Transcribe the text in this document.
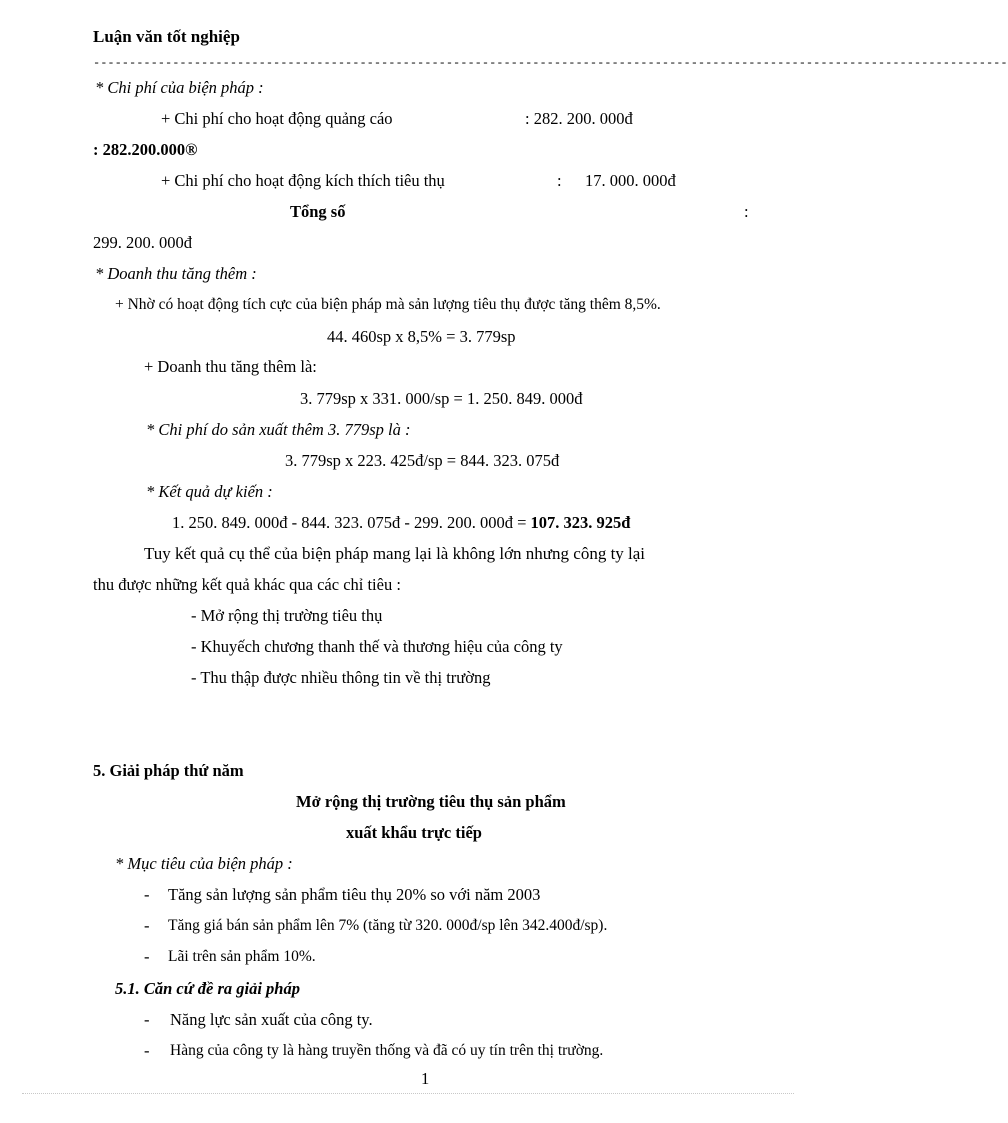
Luận văn tốt nghiệp
-------------------------------------------------------------------------------------------------------------------------------
* Chi phí của biện pháp :
+ Chi phí cho hoạt động quảng cáo	: 282. 200. 000đ
: 282.200.000®
+ Chi phí cho hoạt động kích thích tiêu thụ	: 17. 000. 000đ
Tổng số	:
299. 200. 000đ
* Doanh thu tăng thêm :
+ Nhờ có hoạt động tích cực của biện pháp mà sản lượng tiêu thụ được tăng thêm 8,5%.
44. 460sp x 8,5% = 3. 779sp
+ Doanh thu tăng thêm là:
3. 779sp x 331. 000/sp = 1. 250. 849. 000đ
* Chi phí do sản xuất thêm 3. 779sp là :
3. 779sp x 223. 425đ/sp = 844. 323. 075đ
* Kết quả dự kiến :
1. 250. 849. 000đ - 844. 323. 075đ - 299. 200. 000đ = 107. 323. 925đ
Tuy kết quả cụ thể của biện pháp mang lại là không lớn nhưng công ty lại
thu được những kết quả khác qua các chỉ tiêu :
- Mở rộng thị trường tiêu thụ
- Khuyếch chương thanh thế và thương hiệu của công ty
- Thu thập được nhiều thông tin về thị trường
5. Giải pháp thứ năm
Mở rộng thị trường tiêu thụ sản phẩm
xuất khẩu trực tiếp
* Mục tiêu của biện pháp :
- Tăng sản lượng sản phẩm tiêu thụ 20% so với năm 2003
- Tăng giá bán sản phẩm lên 7% (tăng từ 320. 000đ/sp lên 342.400đ/sp).
- Lãi trên sản phẩm 10%.
5.1. Căn cứ đề ra giải pháp
- Năng lực sản xuất của công ty.
- Hàng của công ty là hàng truyền thống và đã có uy tín trên thị trường.
1
